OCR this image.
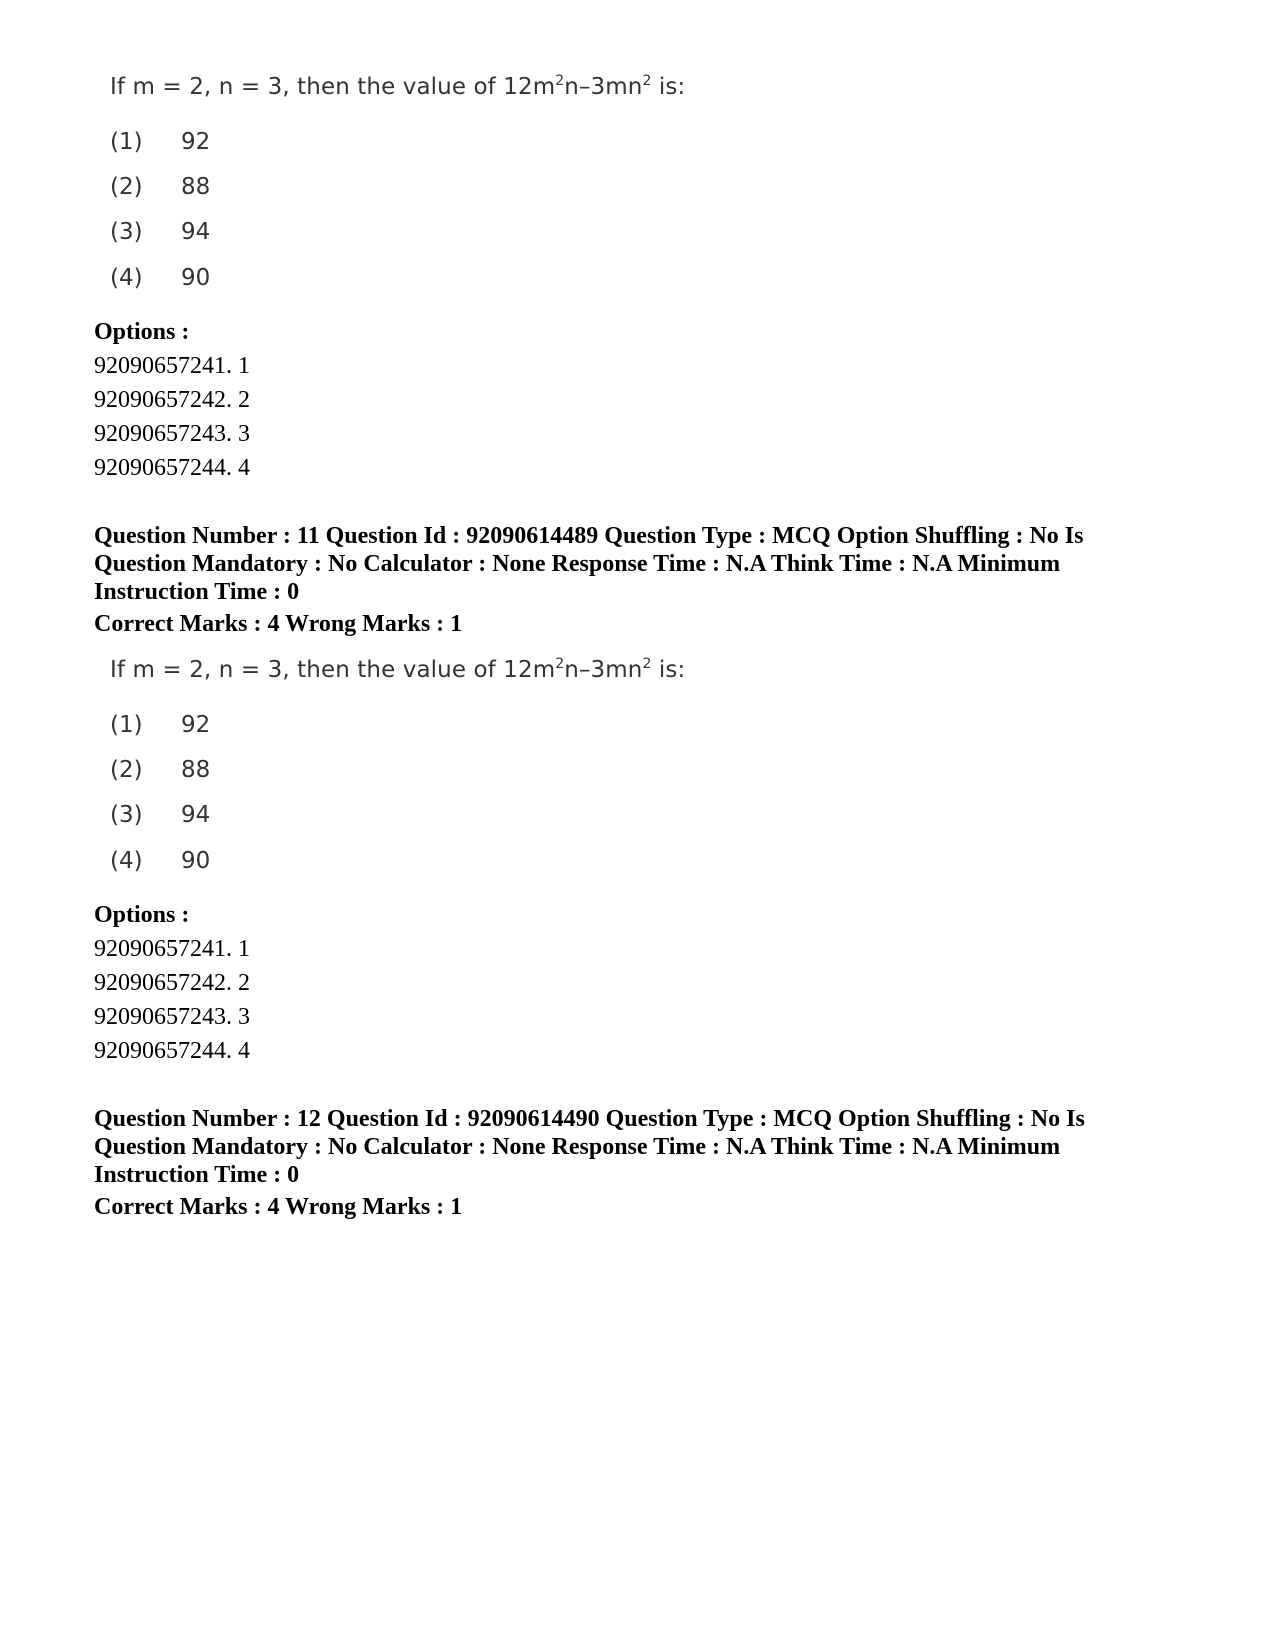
If m = 2, n = 3, then the value of $12m^2n-3mn^2$ is:
(1)	92
(2)	88
(3)	94
(4)	90
Options :
92090657241. 1
92090657242. 2
92090657243. 3
92090657244. 4
Question Number : 11 Question Id : 92090614489 Question Type : MCQ Option Shuffling : No Is
Question Mandatory : No Calculator : None Response Time : N.A Think Time : N.A Minimum
Instruction Time : 0
Correct Marks : 4 Wrong Marks : 1
If m = 2, n = 3, then the value of $12m^2n-3mn^2$ is:
(1)	92
(2)	88
(3)	94
(4)	90
Options :
92090657241. 1
92090657242. 2
92090657243. 3
92090657244. 4
Question Number : 12 Question Id : 92090614490 Question Type : MCQ Option Shuffling : No Is
Question Mandatory : No Calculator : None Response Time : N.A Think Time : N.A Minimum
Instruction Time : 0
Correct Marks : 4 Wrong Marks : 1
